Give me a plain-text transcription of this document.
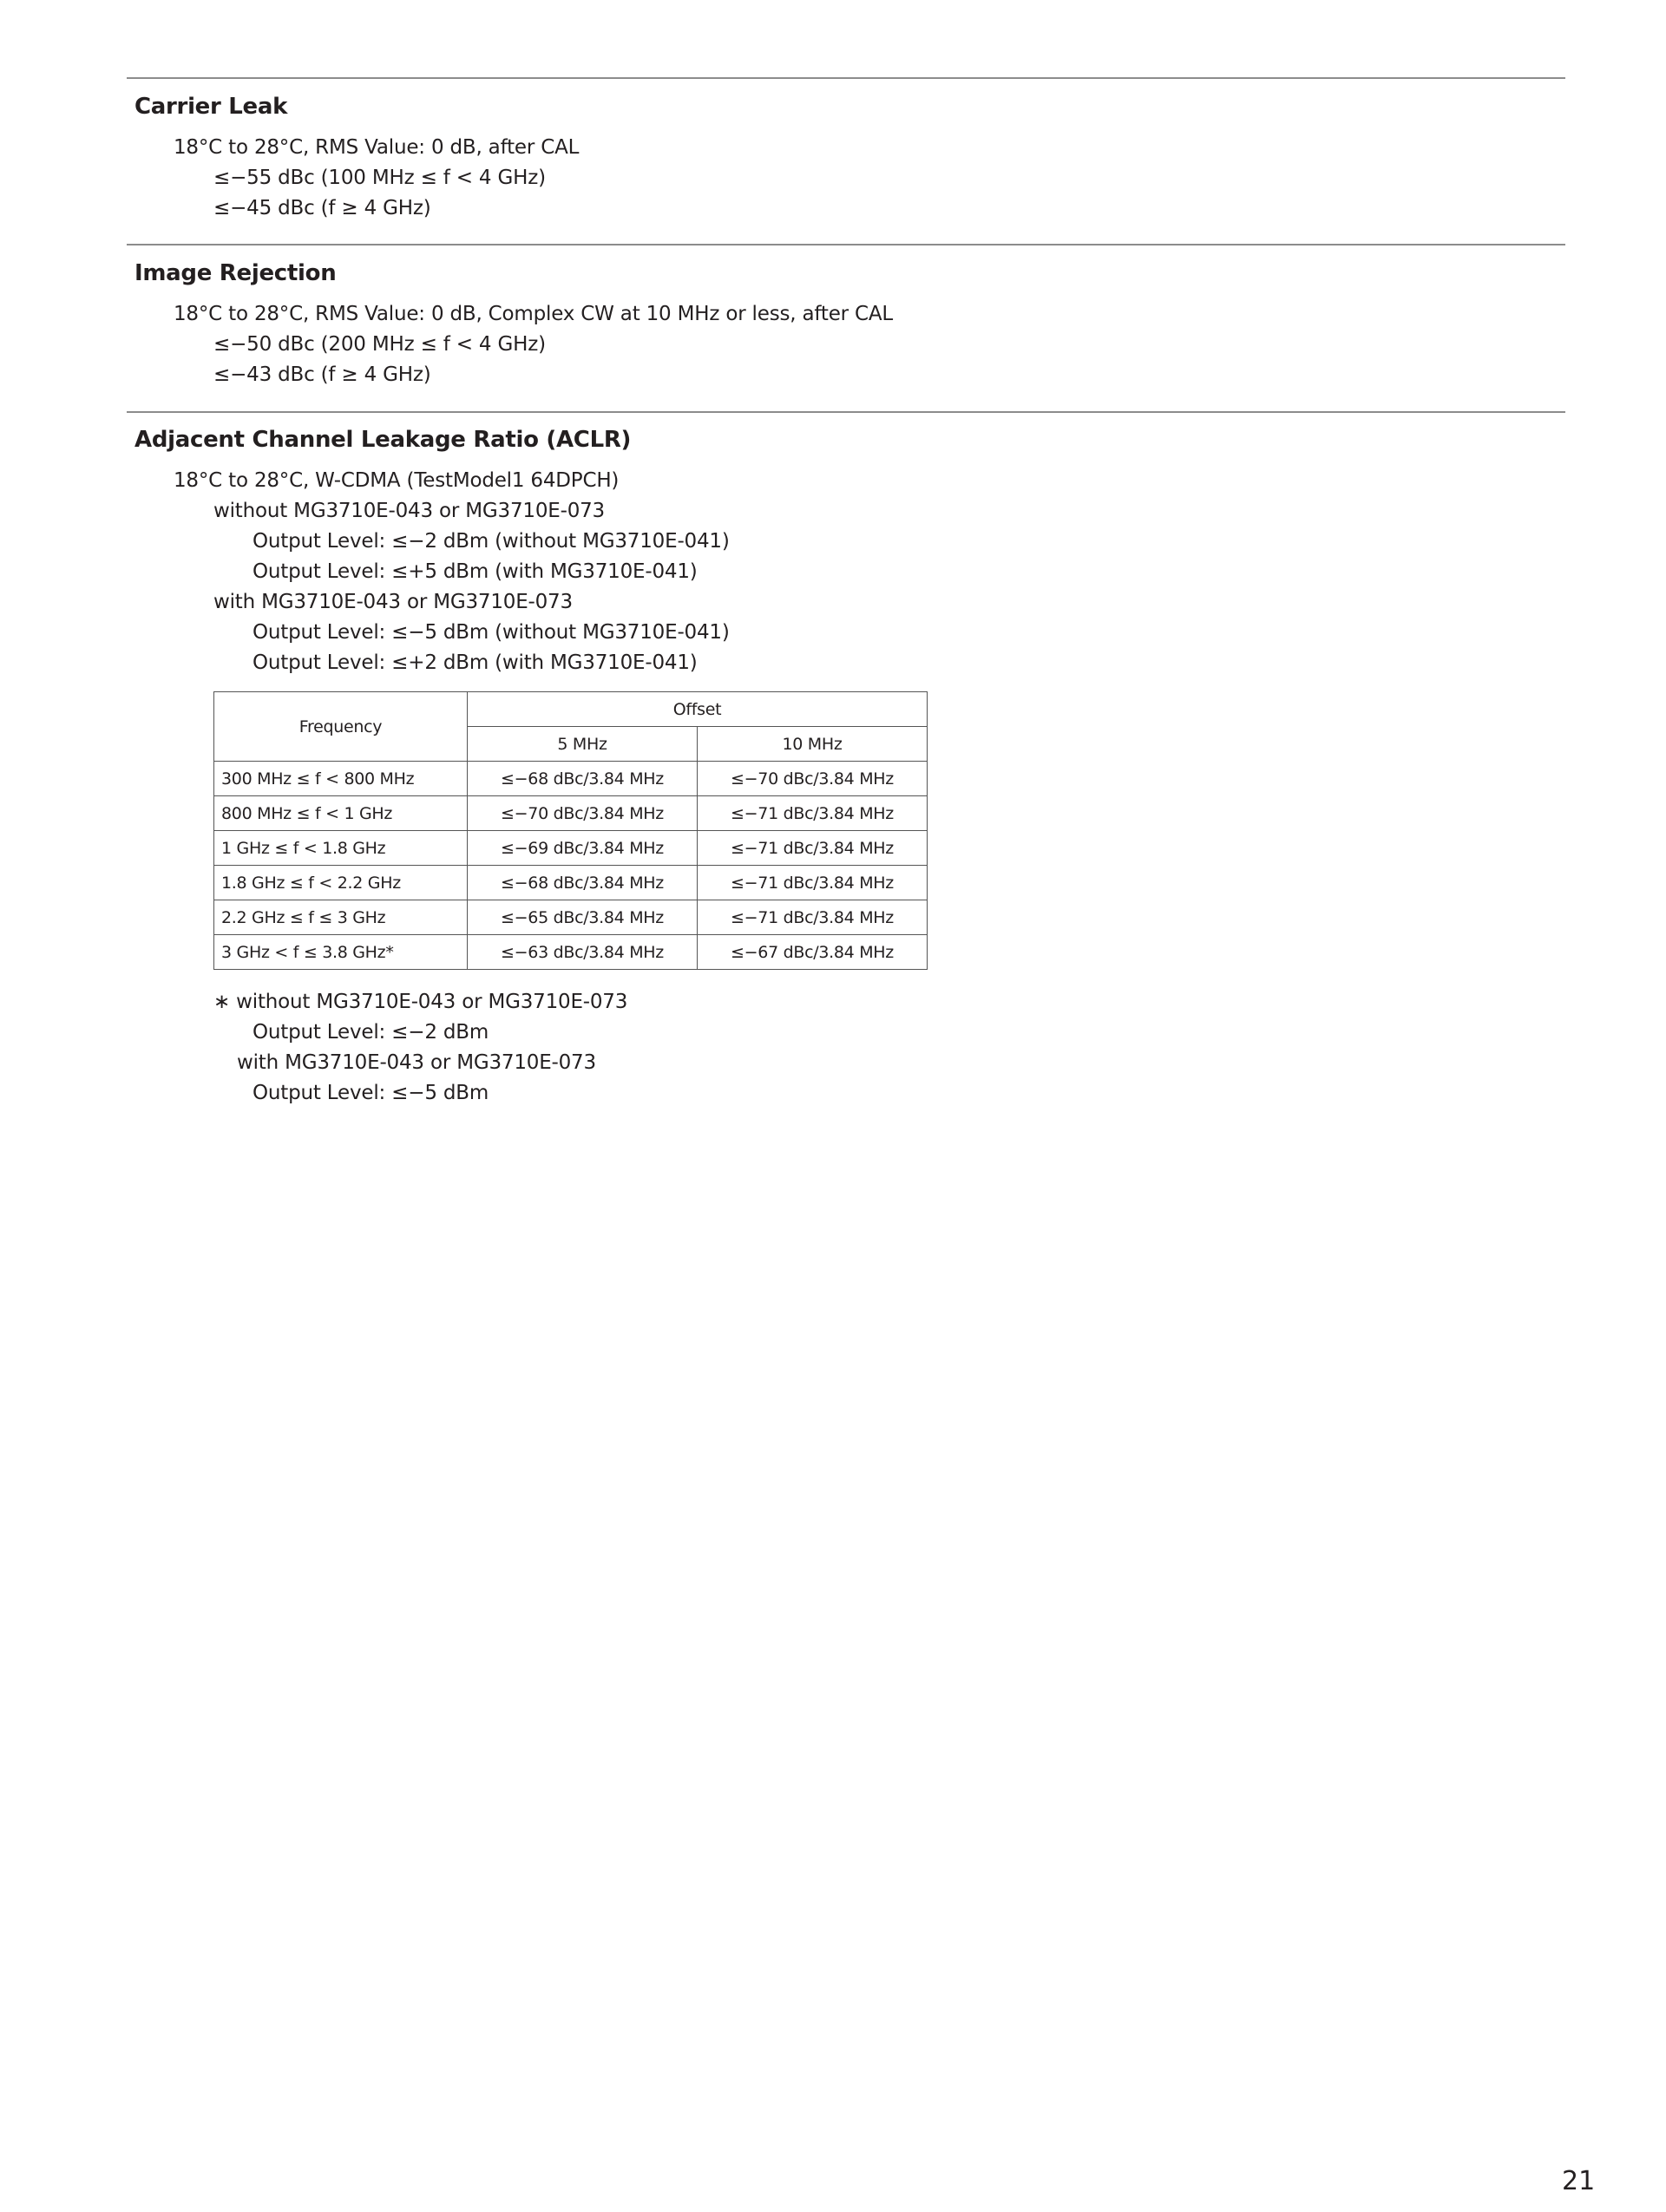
Carrier Leak

18°C to 28°C, RMS Value: 0 dB, after CAL

≤−55 dBc (100 MHz ≤ f < 4 GHz)

≤−45 dBc (f ≥ 4 GHz)

Image Rejection

18°C to 28°C, RMS Value: 0 dB, Complex CW at 10 MHz or less, after CAL

≤−50 dBc (200 MHz ≤ f < 4 GHz)

≤−43 dBc (f ≥ 4 GHz)

Adjacent Channel Leakage Ratio (ACLR)

18°C to 28°C, W-CDMA (TestModel1 64DPCH)

without MG3710E-043 or MG3710E-073

Output Level: ≤−2 dBm (without MG3710E-041)

Output Level: ≤+5 dBm (with MG3710E-041)

with MG3710E-043 or MG3710E-073

Output Level: ≤−5 dBm (without MG3710E-041)

Output Level: ≤+2 dBm (with MG3710E-041)

Frequency	Offset	
	5 MHz	10 MHz
300 MHz ≤ f < 800 MHz	≤−68 dBc/3.84 MHz	≤−70 dBc/3.84 MHz
800 MHz ≤ f < 1 GHz	≤−70 dBc/3.84 MHz	≤−71 dBc/3.84 MHz
1 GHz ≤ f < 1.8 GHz	≤−69 dBc/3.84 MHz	≤−71 dBc/3.84 MHz
1.8 GHz ≤ f < 2.2 GHz	≤−68 dBc/3.84 MHz	≤−71 dBc/3.84 MHz
2.2 GHz ≤ f ≤ 3 GHz	≤−65 dBc/3.84 MHz	≤−71 dBc/3.84 MHz
3 GHz < f ≤ 3.8 GHz*	≤−63 dBc/3.84 MHz	≤−67 dBc/3.84 MHz

∗ without MG3710E-043 or MG3710E-073

Output Level: ≤−2 dBm

with MG3710E-043 or MG3710E-073

Output Level: ≤−5 dBm

21
